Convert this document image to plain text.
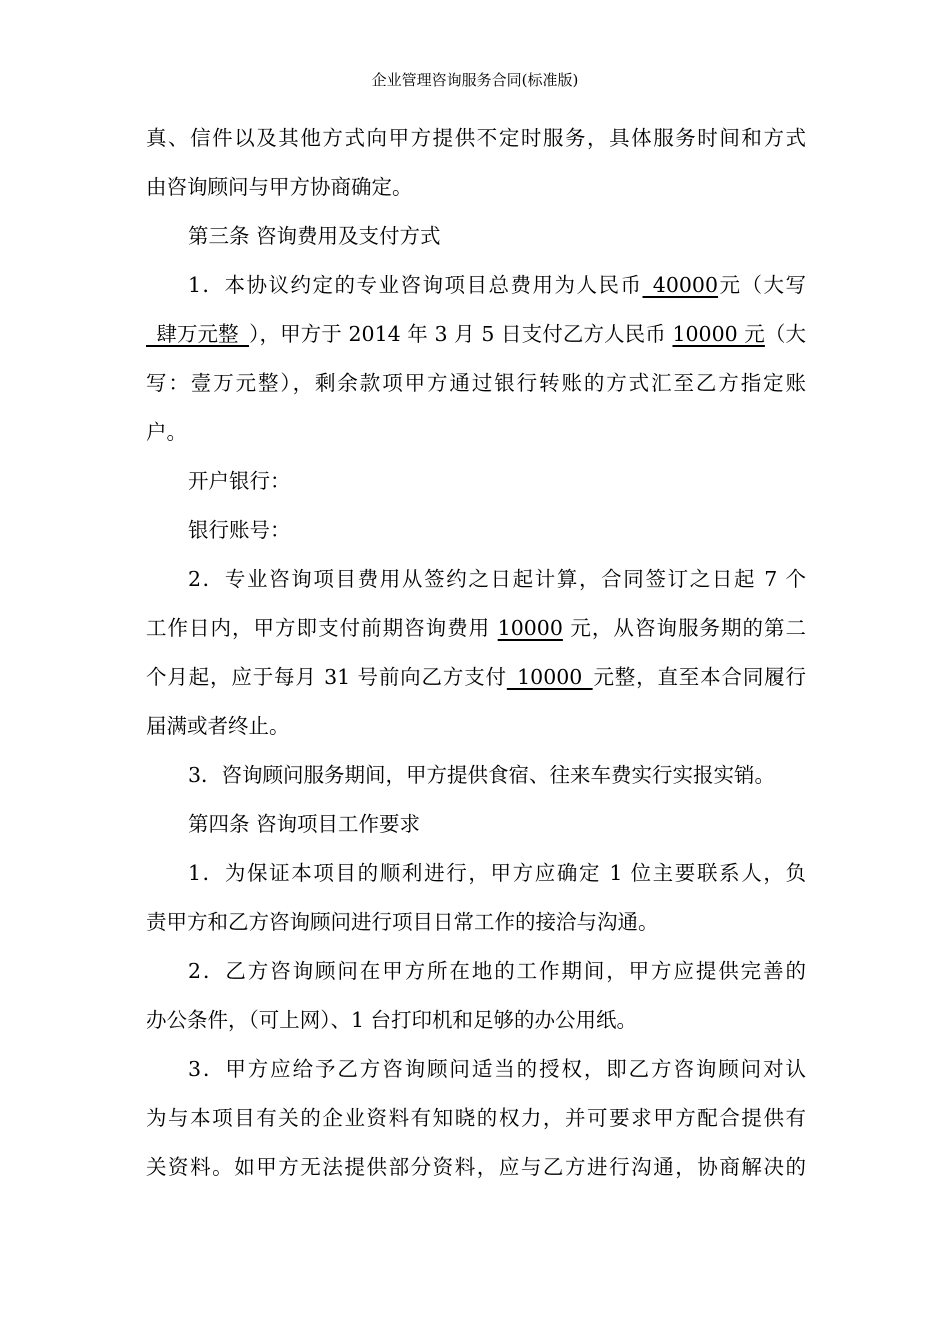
企业管理咨询服务合同(标准版)
真、信件以及其他方式向甲方提供不定时服务，具体服务时间和方式
由咨询顾问与甲方协商确定。
第三条 咨询费用及支付方式
1．本协议约定的专业咨询项目总费用为人民币_40000元（大写
_肆万元整_），甲方于 2014 年 3 月 5 日支付乙方人民币 10000 元（大
写：壹万元整），剩余款项甲方通过银行转账的方式汇至乙方指定账
户。
开户银行：
银行账号：
2．专业咨询项目费用从签约之日起计算，合同签订之日起 7 个
工作日内，甲方即支付前期咨询费用 10000 元，从咨询服务期的第二
个月起，应于每月 31 号前向乙方支付_10000_元整，直至本合同履行
届满或者终止。
3．咨询顾问服务期间，甲方提供食宿、往来车费实行实报实销。
第四条 咨询项目工作要求
1．为保证本项目的顺利进行，甲方应确定 1 位主要联系人，负
责甲方和乙方咨询顾问进行项目日常工作的接洽与沟通。
2．乙方咨询顾问在甲方所在地的工作期间，甲方应提供完善的
办公条件，（可上网）、1 台打印机和足够的办公用纸。
3．甲方应给予乙方咨询顾问适当的授权，即乙方咨询顾问对认
为与本项目有关的企业资料有知晓的权力，并可要求甲方配合提供有
关资料。如甲方无法提供部分资料，应与乙方进行沟通，协商解决的
